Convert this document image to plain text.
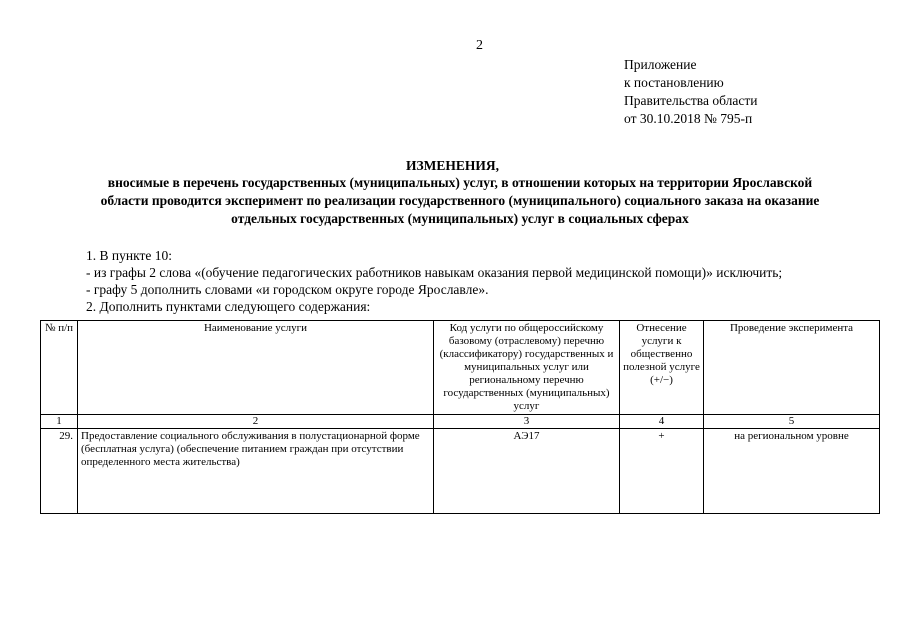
2
Приложение
к постановлению
Правительства области
от 30.10.2018 № 795-п
ИЗМЕНЕНИЯ,
вносимые в перечень государственных (муниципальных) услуг, в отношении которых на территории Ярославской
области проводится эксперимент по реализации государственного (муниципального) социального заказа на оказание
отдельных государственных (муниципальных) услуг в социальных сферах
1. В пункте 10:
- из графы 2 слова «(обучение педагогических работников навыкам оказания первой медицинской помощи)» исключить;
- графу 5 дополнить словами «и городском округе городе Ярославле».
2. Дополнить пунктами следующего содержания:
№ п/п	Наименование услуги	Код услуги по общероссийскому базовому (отраслевому) перечню (классификатору) государственных и муниципальных услуг или региональному перечню государственных (муниципальных) услуг	Отнесение услуги к общественно полезной услуге (+/−)	Проведение эксперимента
1	2	3	4	5
29.	Предоставление социального обслуживания в полустационарной форме (бесплатная услуга) (обеспечение питанием граждан при отсутствии определенного места жительства)	АЭ17	+	на региональном уровне
